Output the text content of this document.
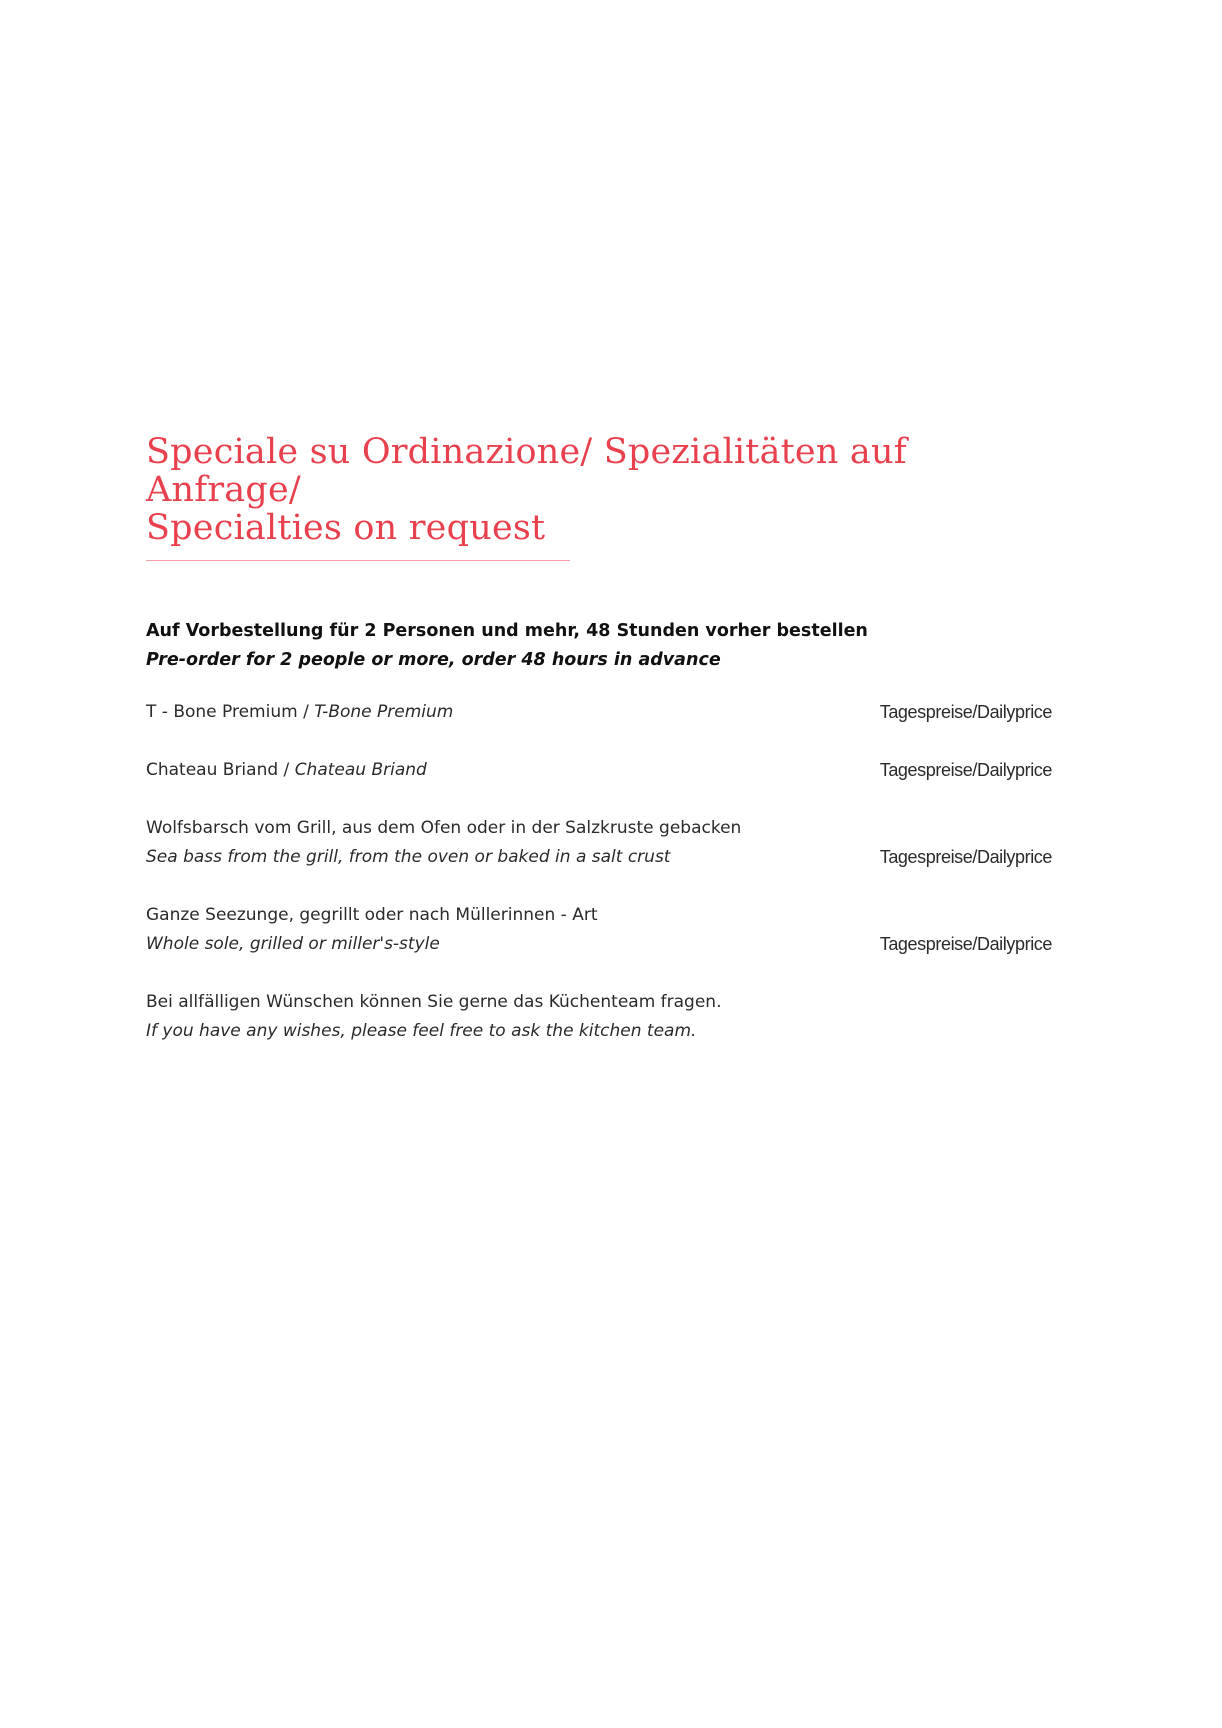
Speciale su Ordinazione/ Spezialitäten auf Anfrage/
Specialties on request
Auf Vorbestellung für 2 Personen und mehr, 48 Stunden vorher bestellen
Pre-order for 2 people or more, order 48 hours in advance
T - Bone Premium / T-Bone Premium	Tagespreise/Dailyprice
Chateau Briand / Chateau Briand	Tagespreise/Dailyprice
Wolfsbarsch vom Grill, aus dem Ofen oder in der Salzkruste gebacken
Sea bass from the grill, from the oven or baked in a salt crust	Tagespreise/Dailyprice
Ganze Seezunge, gegrillt oder nach Müllerinnen - Art
Whole sole, grilled or miller's-style	Tagespreise/Dailyprice
Bei allfälligen Wünschen können Sie gerne das Küchenteam fragen.
If you have any wishes, please feel free to ask the kitchen team.
